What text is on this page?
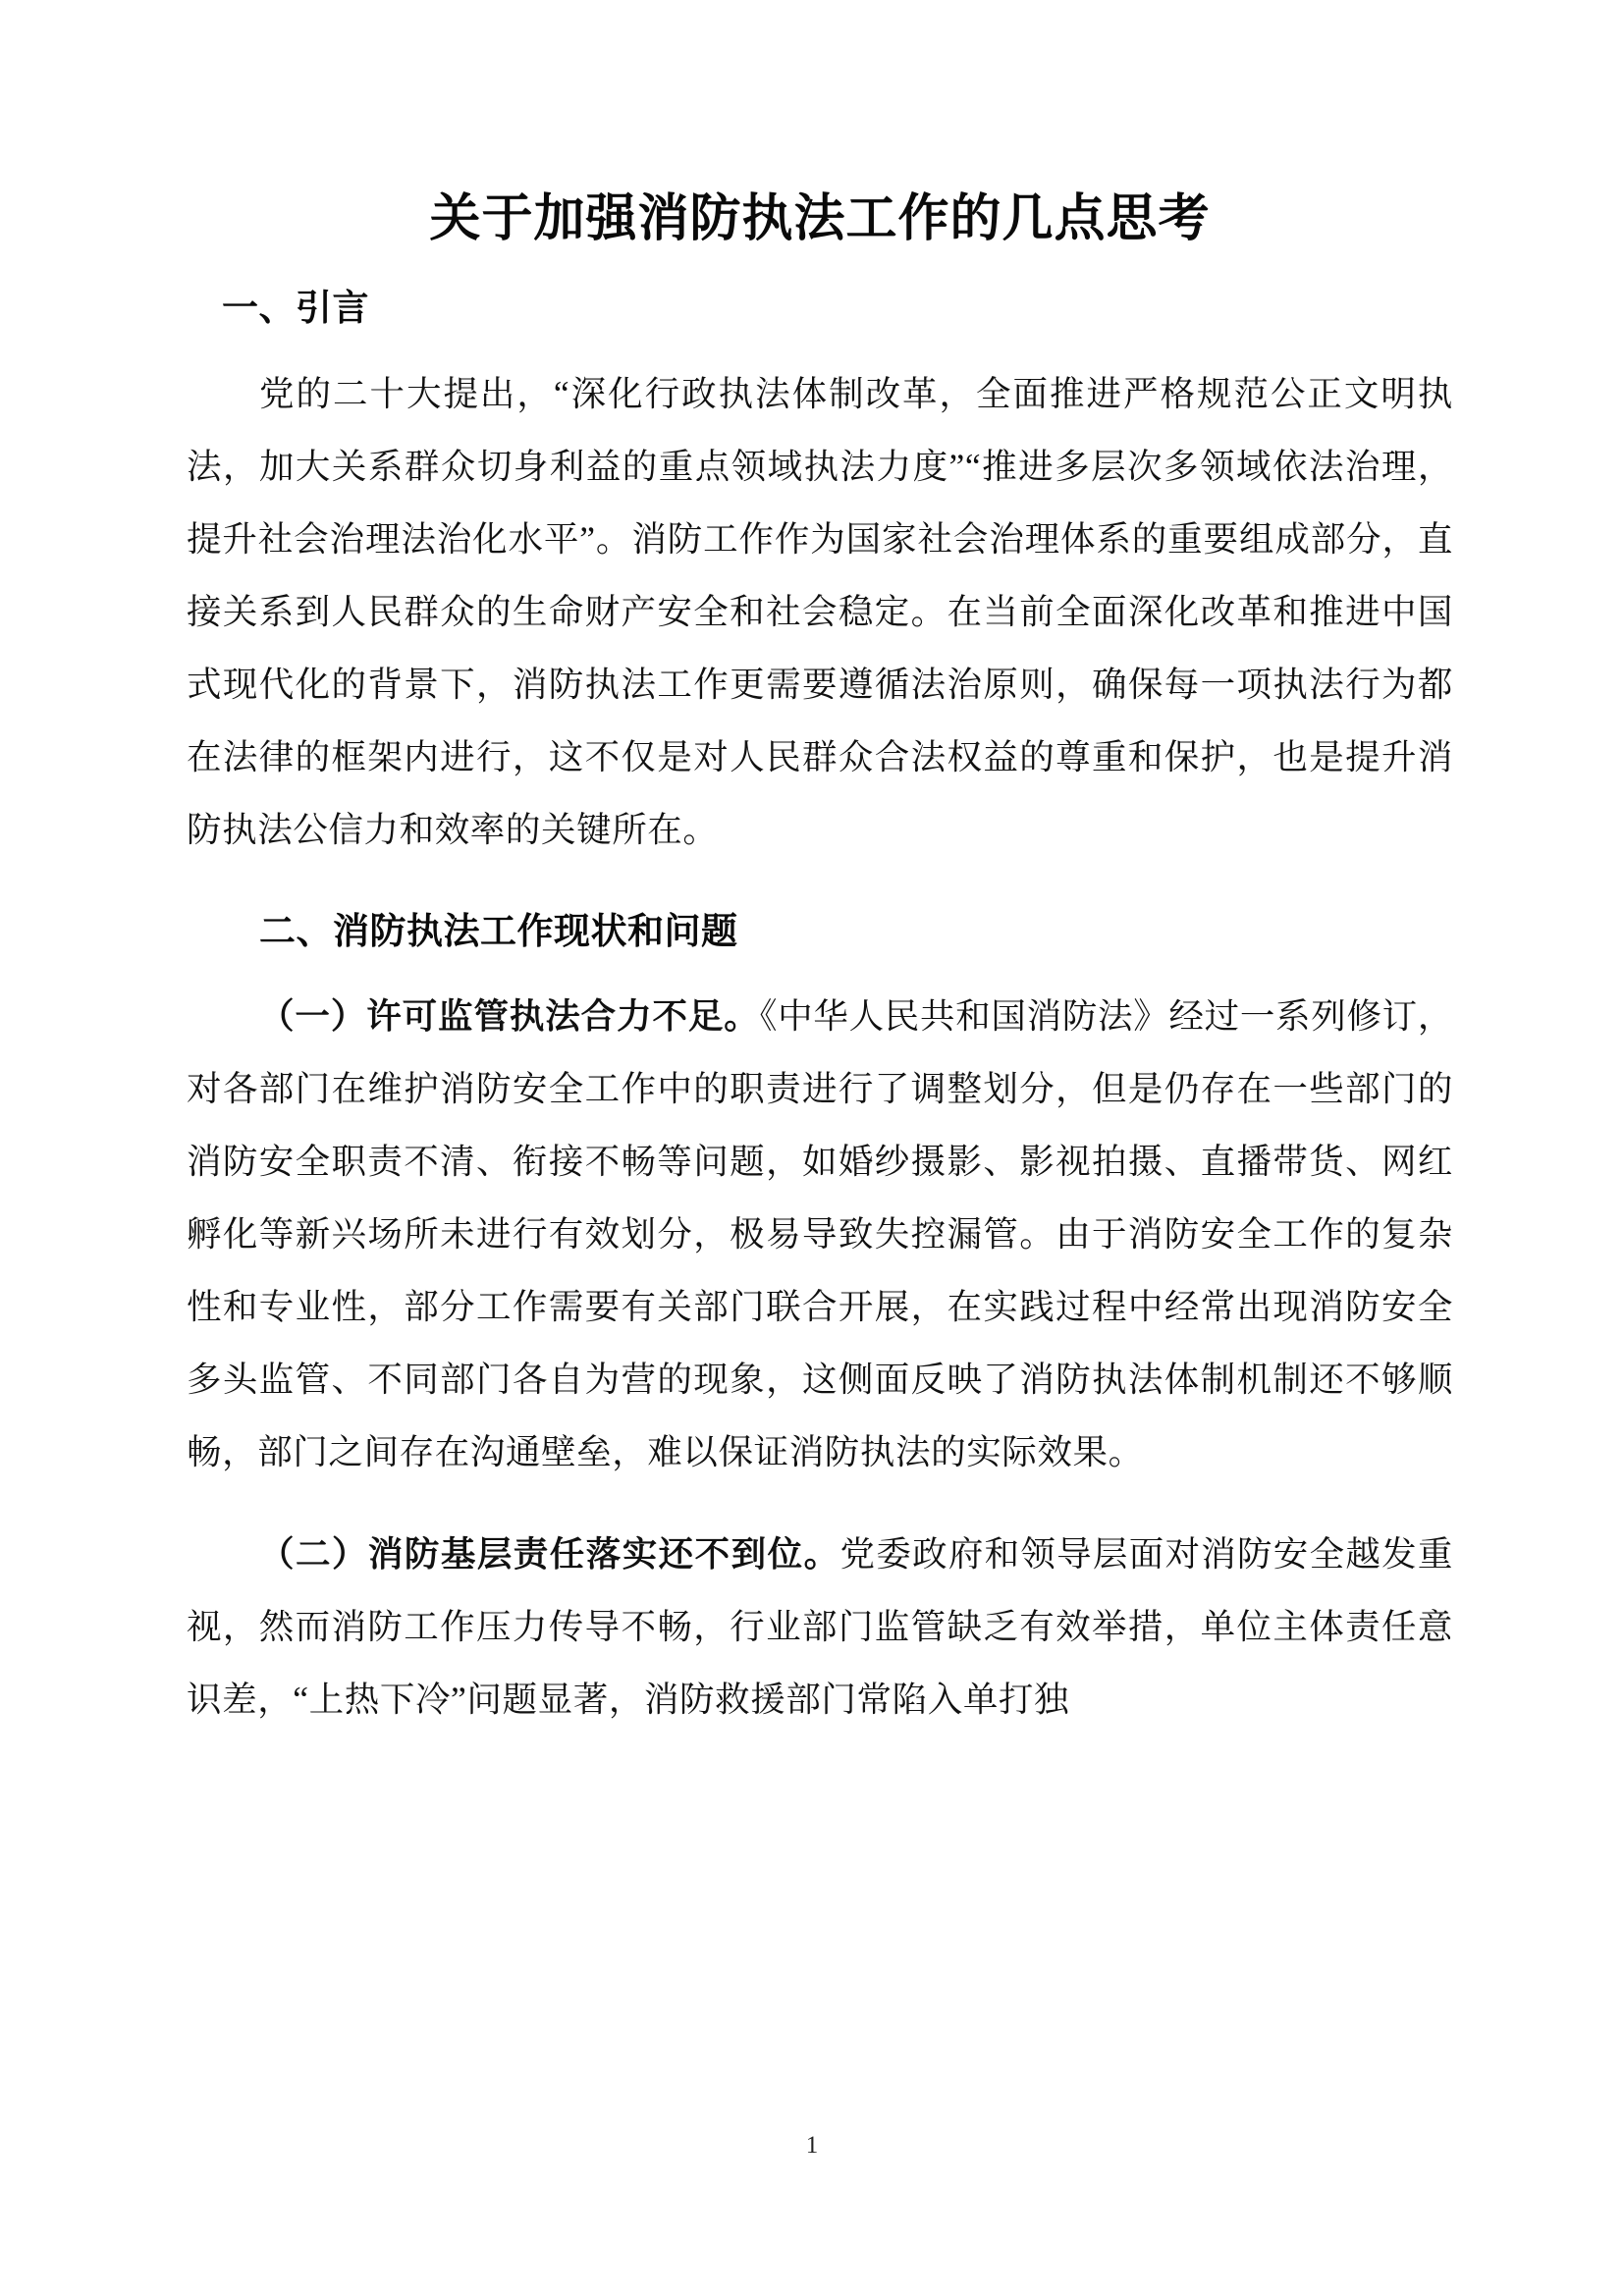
关于加强消防执法工作的几点思考
一、引言

党的二十大提出，“深化行政执法体制改革，全面推进严格规范公正文明执法，加大关系群众切身利益的重点领域执法力度”“推进多层次多领域依法治理，提升社会治理法治化水平”。消防工作作为国家社会治理体系的重要组成部分，直接关系到人民群众的生命财产安全和社会稳定。在当前全面深化改革和推进中国式现代化的背景下，消防执法工作更需要遵循法治原则，确保每一项执法行为都在法律的框架内进行，这不仅是对人民群众合法权益的尊重和保护，也是提升消防执法公信力和效率的关键所在。

二、消防执法工作现状和问题

（一）许可监管执法合力不足。《中华人民共和国消防法》经过一系列修订，对各部门在维护消防安全工作中的职责进行了调整划分，但是仍存在一些部门的消防安全职责不清、衔接不畅等问题，如婚纱摄影、影视拍摄、直播带货、网红孵化等新兴场所未进行有效划分，极易导致失控漏管。由于消防安全工作的复杂性和专业性，部分工作需要有关部门联合开展，在实践过程中经常出现消防安全多头监管、不同部门各自为营的现象，这侧面反映了消防执法体制机制还不够顺畅，部门之间存在沟通壁垒，难以保证消防执法的实际效果。

（二）消防基层责任落实还不到位。党委政府和领导层面对消防安全越发重视，然而消防工作压力传导不畅，行业部门监管缺乏有效举措，单位主体责任意识差，“上热下冷”问题显著，消防救援部门常陷入单打独

1
